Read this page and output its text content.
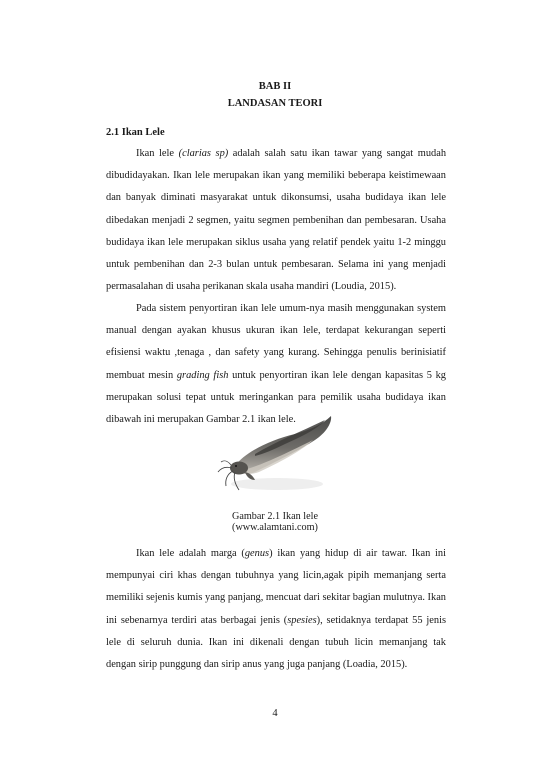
BAB II
LANDASAN TEORI
2.1 Ikan Lele
Ikan lele (clarias sp) adalah salah satu ikan tawar yang sangat mudah
dibudidayakan. Ikan lele merupakan ikan yang memiliki beberapa keistimewaan
dan banyak diminati masyarakat untuk dikonsumsi, usaha budidaya ikan lele
dibedakan menjadi 2 segmen, yaitu segmen pembenihan dan pembesaran. Usaha
budidaya ikan lele merupakan siklus usaha yang relatif pendek yaitu 1-2 minggu
untuk pembenihan dan 2-3 bulan untuk pembesaran. Selama ini yang menjadi
permasalahan di usaha perikanan skala usaha mandiri (Loudia, 2015).
Pada sistem penyortiran ikan lele umum-nya masih menggunakan system
manual dengan ayakan khusus ukuran ikan lele, terdapat kekurangan seperti
efisiensi waktu ,tenaga , dan safety yang kurang. Sehingga penulis berinisiatif
membuat mesin grading fish untuk penyortiran ikan lele dengan kapasitas 5 kg
merupakan solusi tepat untuk meringankan para pemilik usaha budidaya ikan
dibawah ini merupakan Gambar 2.1 ikan lele.
Gambar 2.1 Ikan lele
(www.alamtani.com)
Ikan lele adalah marga (genus) ikan yang hidup di air tawar. Ikan ini
mempunyai ciri khas dengan tubuhnya yang licin,agak pipih memanjang serta
memiliki sejenis kumis yang panjang, mencuat dari sekitar bagian mulutnya. Ikan
ini sebenarnya terdiri atas berbagai jenis (spesies), setidaknya terdapat 55 jenis
lele di seluruh dunia. Ikan ini dikenali dengan tubuh licin memanjang tak
dengan sirip punggung dan sirip anus yang juga panjang (Loadia, 2015).
4
